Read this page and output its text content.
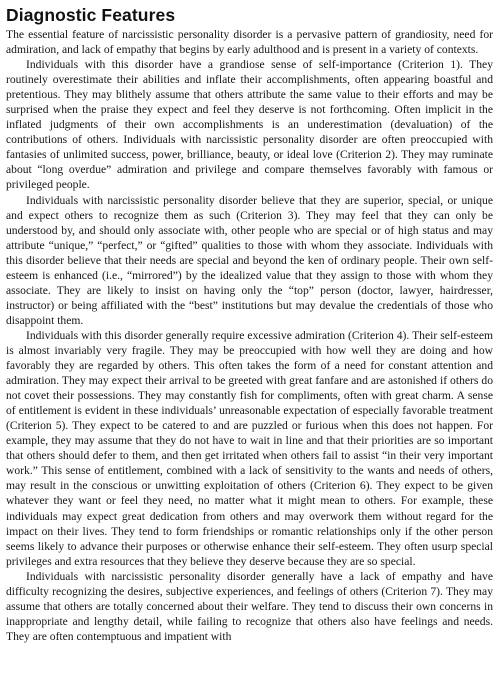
Diagnostic Features

The essential feature of narcissistic personality disorder is a pervasive pattern of grandiosity, need for admiration, and lack of empathy that begins by early adulthood and is present in a variety of contexts.

Individuals with this disorder have a grandiose sense of self-importance (Criterion 1). They routinely overestimate their abilities and inflate their accomplishments, often appearing boastful and pretentious. They may blithely assume that others attribute the same value to their efforts and may be surprised when the praise they expect and feel they deserve is not forthcoming. Often implicit in the inflated judgments of their own accomplishments is an underestimation (devaluation) of the contributions of others. Individuals with narcissistic personality disorder are often preoccupied with fantasies of unlimited success, power, brilliance, beauty, or ideal love (Criterion 2). They may ruminate about “long overdue” admiration and privilege and compare themselves favorably with famous or privileged people.

Individuals with narcissistic personality disorder believe that they are superior, special, or unique and expect others to recognize them as such (Criterion 3). They may feel that they can only be understood by, and should only associate with, other people who are special or of high status and may attribute “unique,” “perfect,” or “gifted” qualities to those with whom they associate. Individuals with this disorder believe that their needs are special and beyond the ken of ordinary people. Their own self-esteem is enhanced (i.e., “mirrored”) by the idealized value that they assign to those with whom they associate. They are likely to insist on having only the “top” person (doctor, lawyer, hairdresser, instructor) or being affiliated with the “best” institutions but may devalue the credentials of those who disappoint them.

Individuals with this disorder generally require excessive admiration (Criterion 4). Their self-esteem is almost invariably very fragile. They may be preoccupied with how well they are doing and how favorably they are regarded by others. This often takes the form of a need for constant attention and admiration. They may expect their arrival to be greeted with great fanfare and are astonished if others do not covet their possessions. They may constantly fish for compliments, often with great charm. A sense of entitlement is evident in these individuals’ unreasonable expectation of especially favorable treatment (Criterion 5). They expect to be catered to and are puzzled or furious when this does not happen. For example, they may assume that they do not have to wait in line and that their priorities are so important that others should defer to them, and then get irritated when others fail to assist “in their very important work.” This sense of entitlement, combined with a lack of sensitivity to the wants and needs of others, may result in the conscious or unwitting exploitation of others (Criterion 6). They expect to be given whatever they want or feel they need, no matter what it might mean to others. For example, these individuals may expect great dedication from others and may overwork them without regard for the impact on their lives. They tend to form friendships or romantic relationships only if the other person seems likely to advance their purposes or otherwise enhance their self-esteem. They often usurp special privileges and extra resources that they believe they deserve because they are so special.

Individuals with narcissistic personality disorder generally have a lack of empathy and have difficulty recognizing the desires, subjective experiences, and feelings of others (Criterion 7). They may assume that others are totally concerned about their welfare. They tend to discuss their own concerns in inappropriate and lengthy detail, while failing to recognize that others also have feelings and needs. They are often contemptuous and impatient with
